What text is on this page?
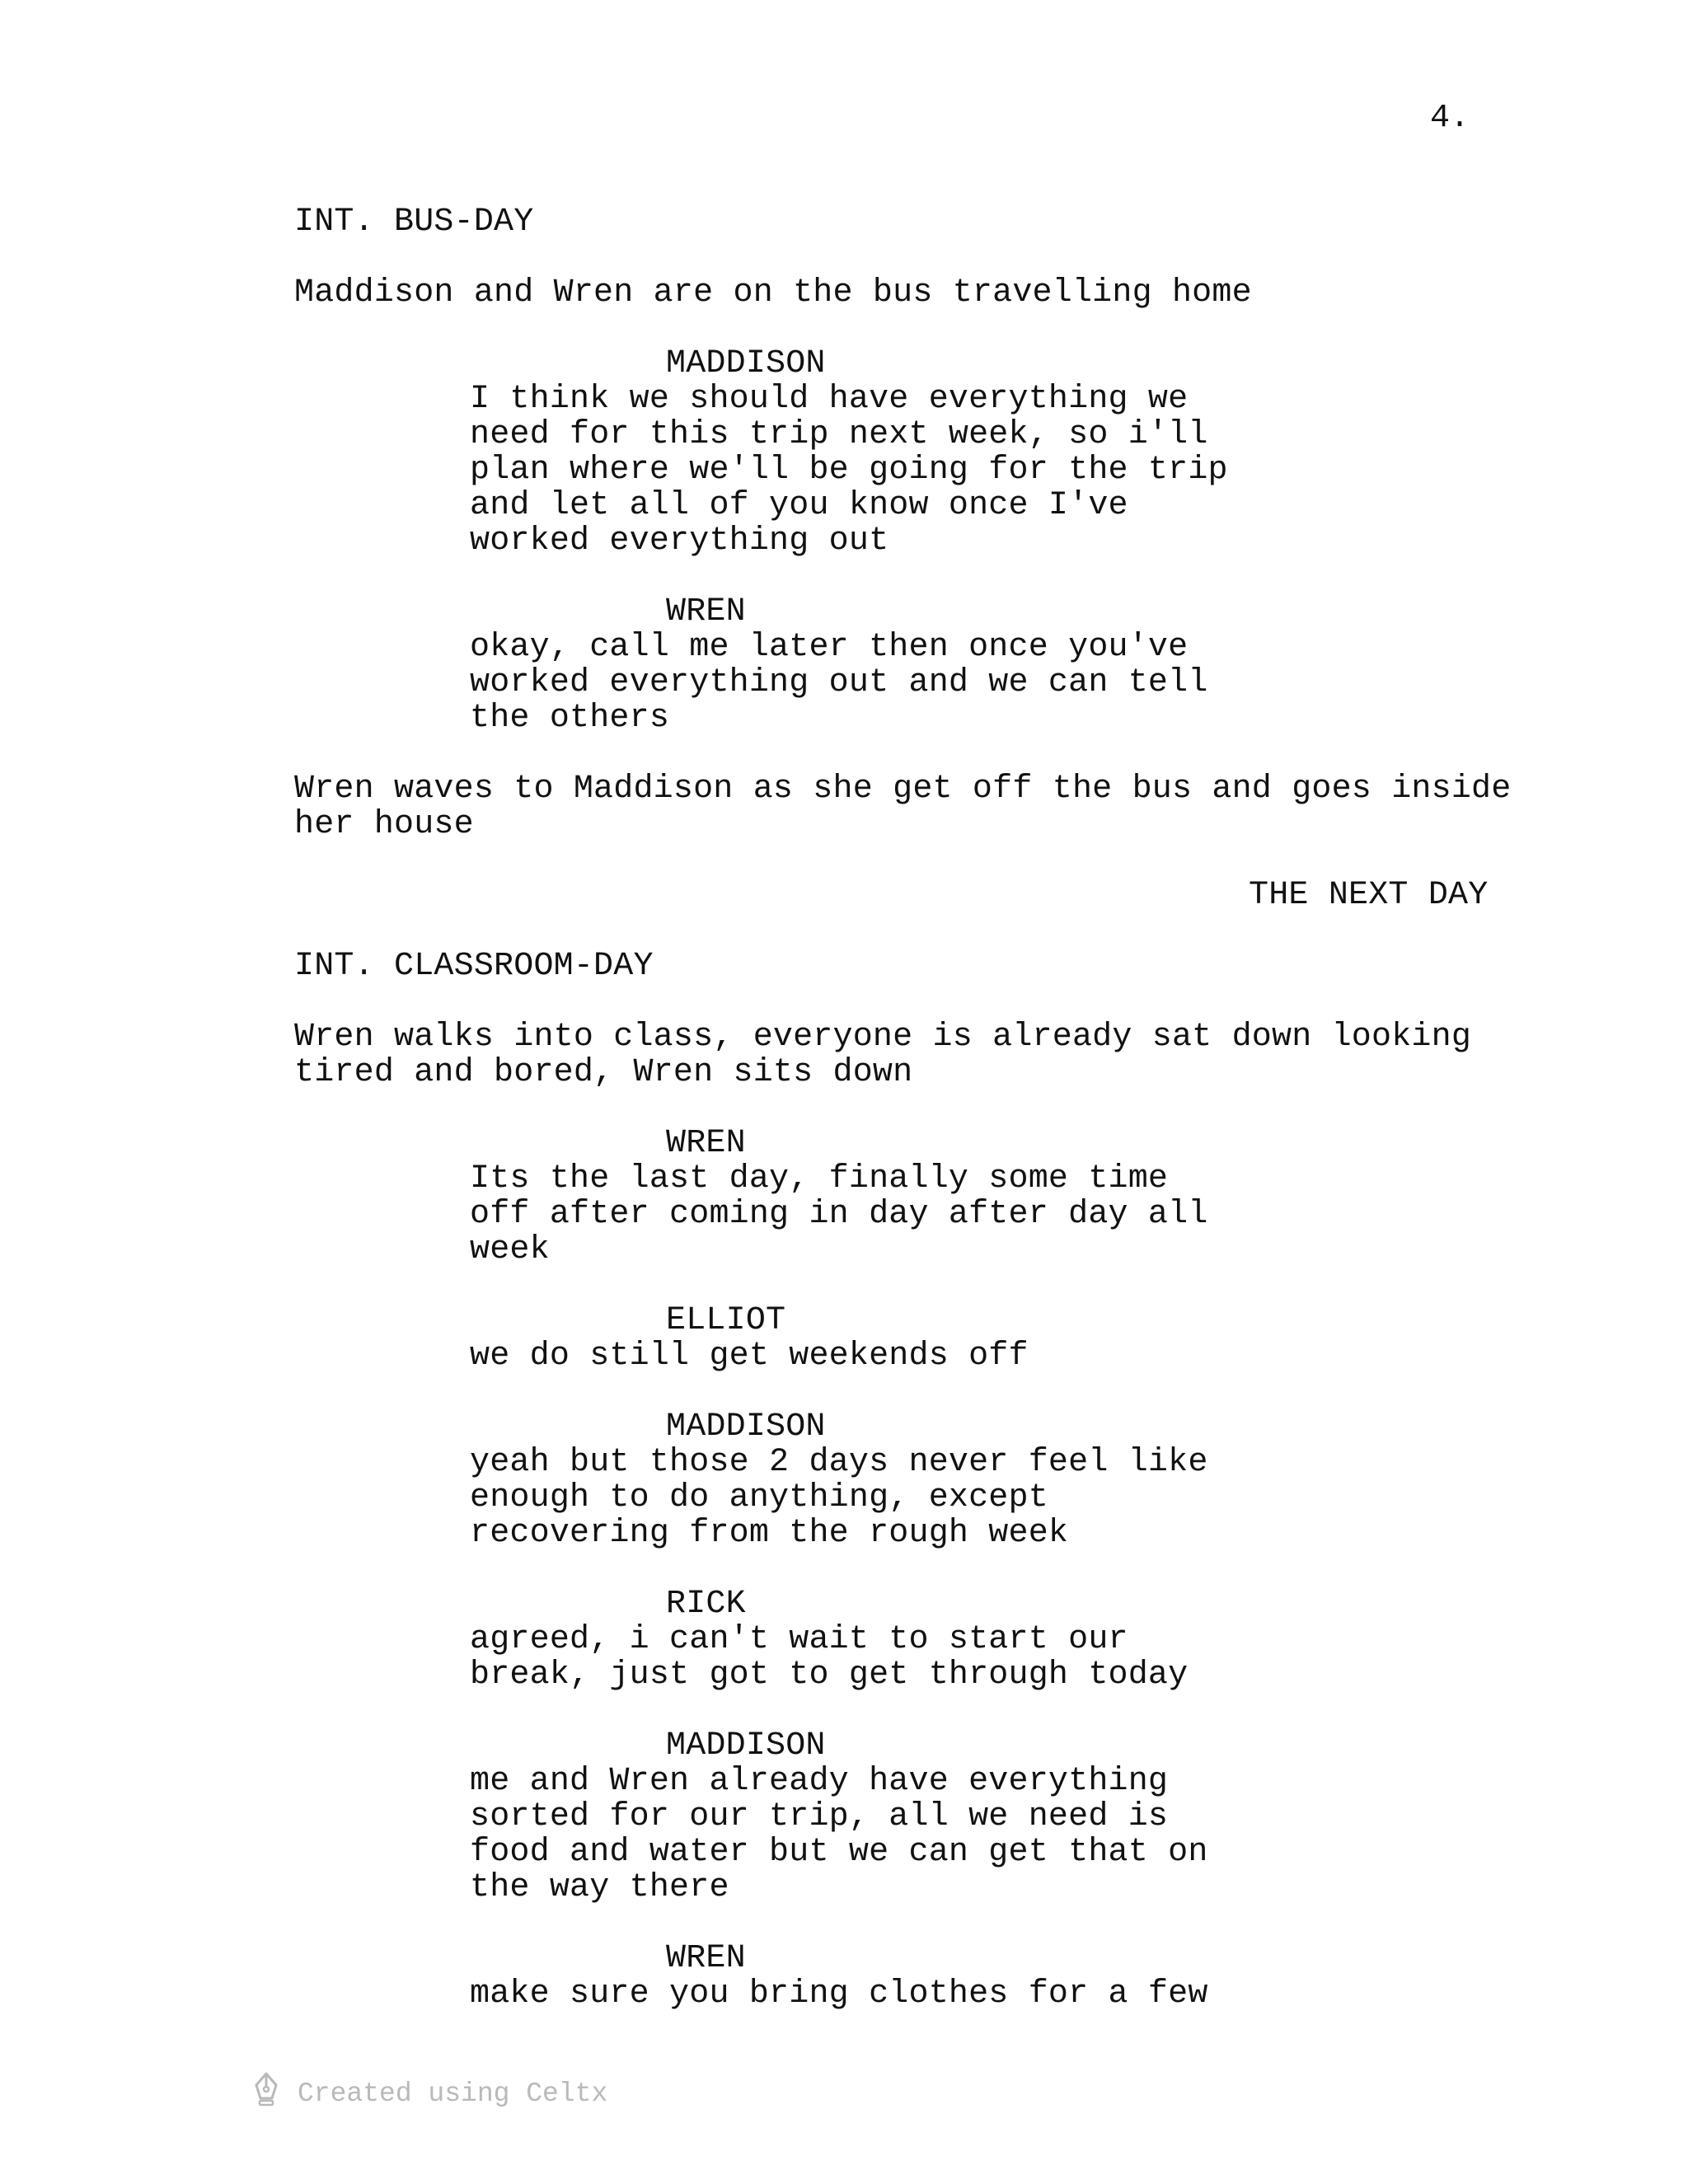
4.
INT. BUS-DAY
Maddison and Wren are on the bus travelling home
MADDISON
I think we should have everything we
need for this trip next week, so i'll
plan where we'll be going for the trip
and let all of you know once I've
worked everything out
WREN
okay, call me later then once you've
worked everything out and we can tell
the others
Wren waves to Maddison as she get off the bus and goes inside
her house
THE NEXT DAY
INT. CLASSROOM-DAY
Wren walks into class, everyone is already sat down looking
tired and bored, Wren sits down
WREN
Its the last day, finally some time
off after coming in day after day all
week
ELLIOT
we do still get weekends off
MADDISON
yeah but those 2 days never feel like
enough to do anything, except
recovering from the rough week
RICK
agreed, i can't wait to start our
break, just got to get through today
MADDISON
me and Wren already have everything
sorted for our trip, all we need is
food and water but we can get that on
the way there
WREN
make sure you bring clothes for a few
Created using Celtx
